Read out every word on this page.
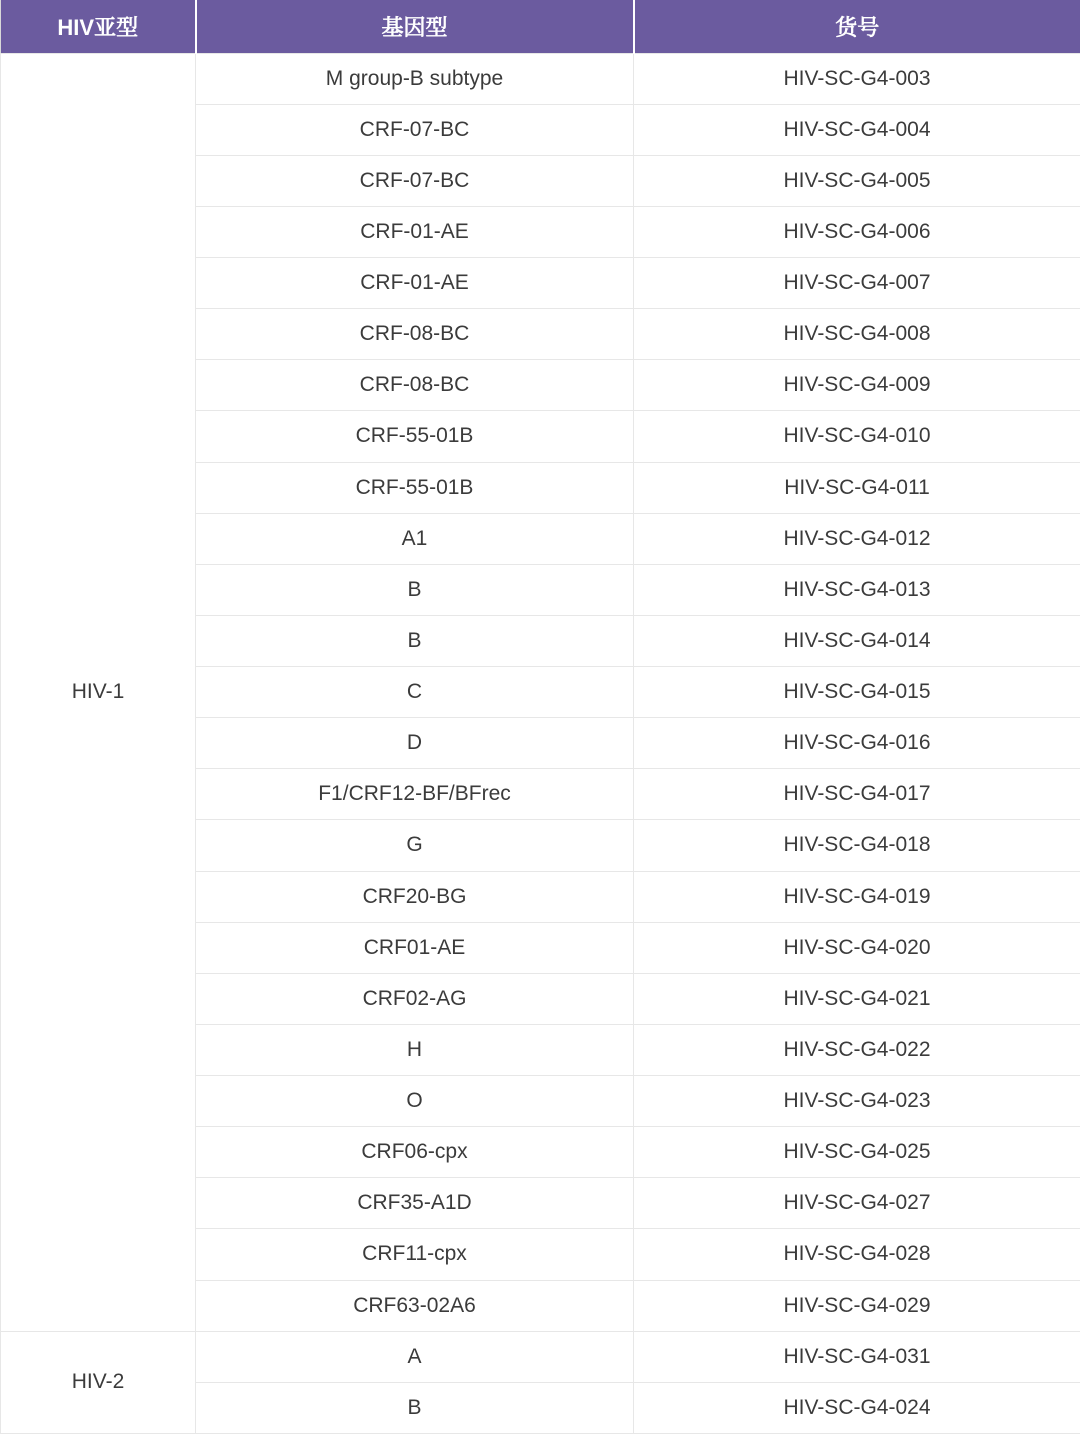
HIV亚型	基因型	货号
HIV-1	M group-B subtype	HIV-SC-G4-003
	CRF-07-BC	HIV-SC-G4-004
	CRF-07-BC	HIV-SC-G4-005
	CRF-01-AE	HIV-SC-G4-006
	CRF-01-AE	HIV-SC-G4-007
	CRF-08-BC	HIV-SC-G4-008
	CRF-08-BC	HIV-SC-G4-009
	CRF-55-01B	HIV-SC-G4-010
	CRF-55-01B	HIV-SC-G4-011
	A1	HIV-SC-G4-012
	B	HIV-SC-G4-013
	B	HIV-SC-G4-014
	C	HIV-SC-G4-015
	D	HIV-SC-G4-016
	F1/CRF12-BF/BFrec	HIV-SC-G4-017
	G	HIV-SC-G4-018
	CRF20-BG	HIV-SC-G4-019
	CRF01-AE	HIV-SC-G4-020
	CRF02-AG	HIV-SC-G4-021
	H	HIV-SC-G4-022
	O	HIV-SC-G4-023
	CRF06-cpx	HIV-SC-G4-025
	CRF35-A1D	HIV-SC-G4-027
	CRF11-cpx	HIV-SC-G4-028
	CRF63-02A6	HIV-SC-G4-029
HIV-2	A	HIV-SC-G4-031
	B	HIV-SC-G4-024
